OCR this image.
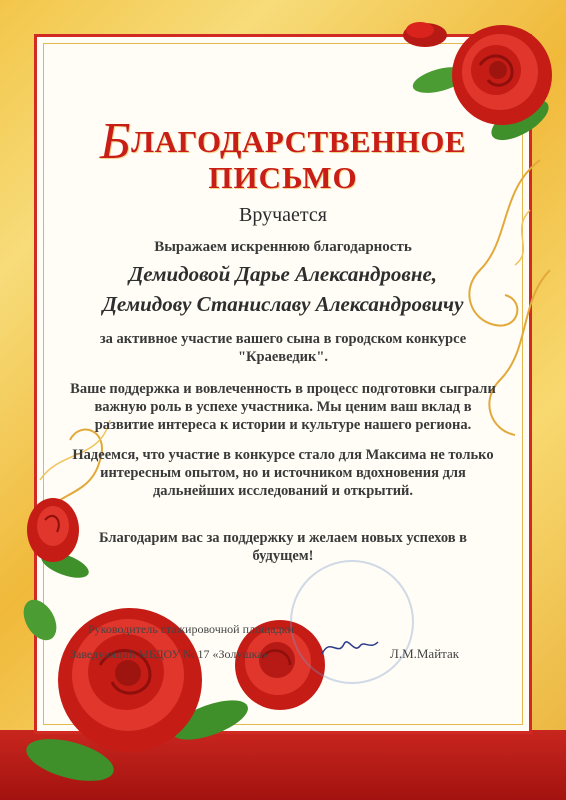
БЛАГОДАРСТВЕННОЕ
ПИСЬМО
Вручается
Выражаем искреннюю благодарность
Демидовой Дарье Александровне,
Демидову Станиславу Александровичу
за активное участие вашего сына в городском конкурсе "Краеведик".
Ваше поддержка и вовлеченность в процесс подготовки сыграли важную роль в успехе участника. Мы ценим ваш вклад в развитие интереса к истории и культуре нашего региона.
Надеемся, что участие в конкурсе стало для Максима не только интересным опытом, но и источником вдохновения для дальнейших исследований и открытий.
Благодарим вас за поддержку и желаем новых успехов в будущем!
Руководитель стажировочной площадки
Заведующий МБДОУ № 17 «Золушка»	Л.М.Майтак
